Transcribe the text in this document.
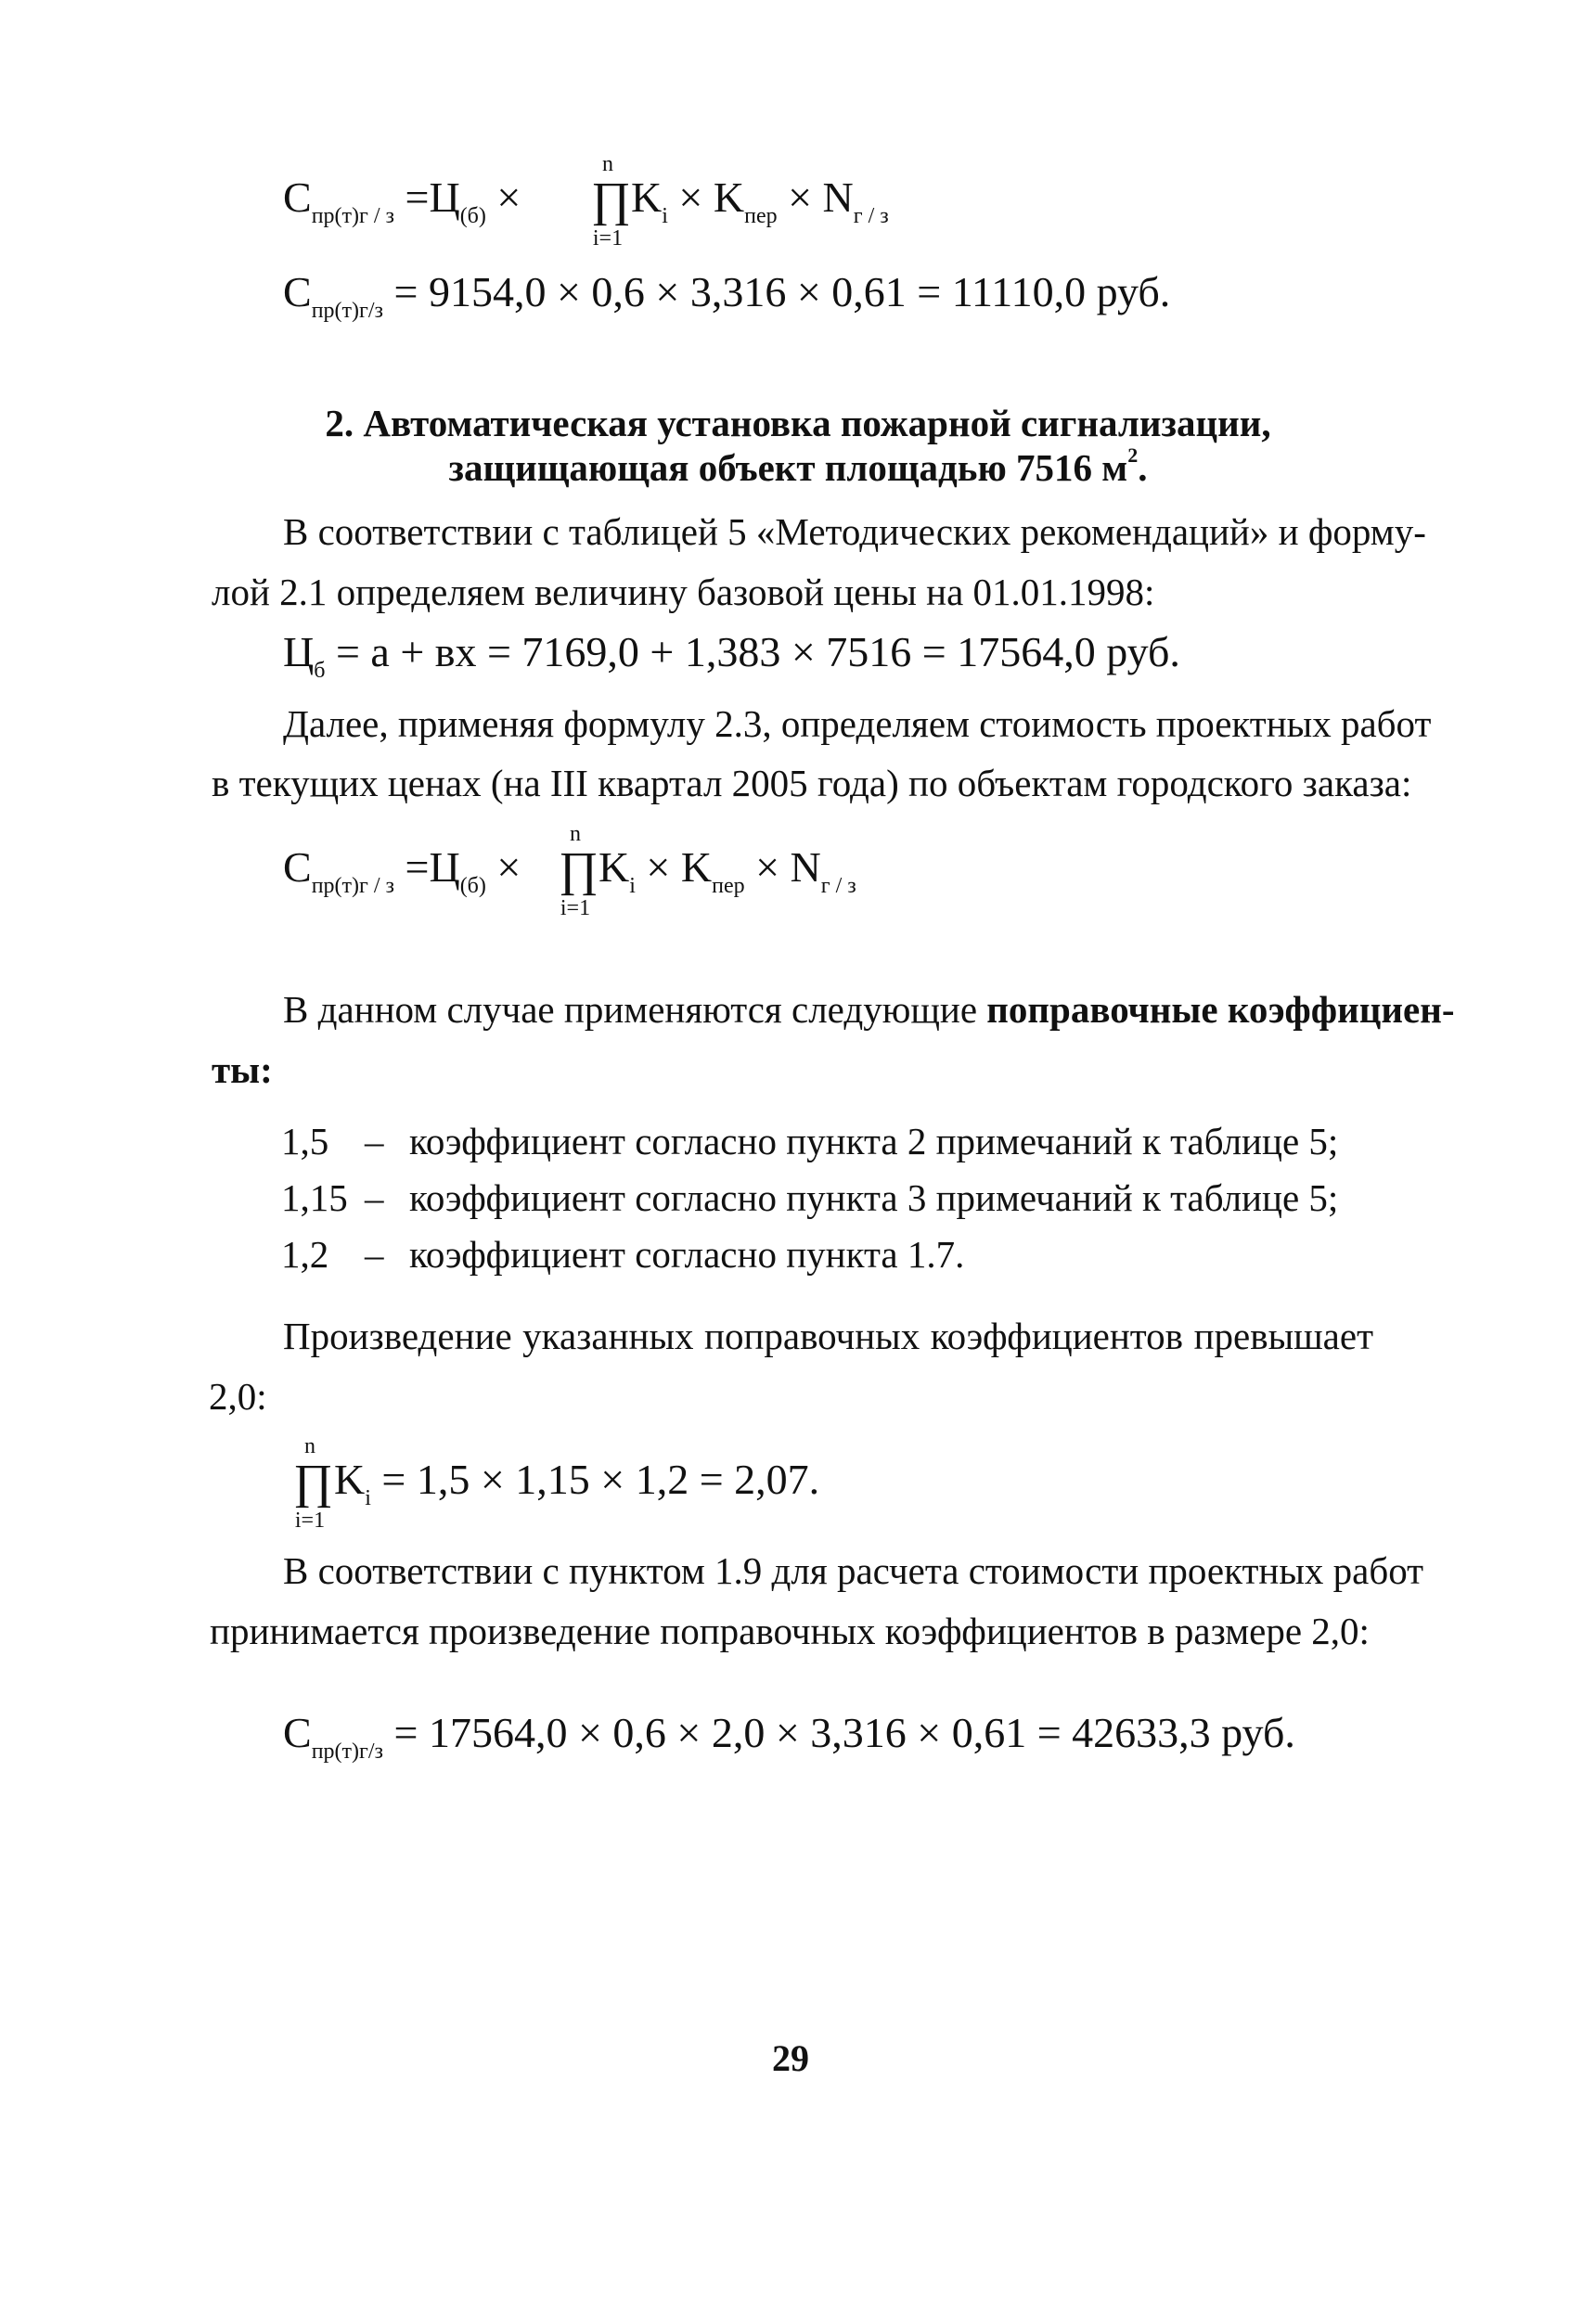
$C_{пр(т)г / з} =Ц_{(б)}$ ×
n
∏
i=1
$K_i \times K_{пер} \times N_{г / з}$
$C_{пр(т)г/з} = 9154,0 \times 0,6 \times 3,316 \times 0,61 = 11110,0$ руб.
2. Автоматическая установка пожарной сигнализации,
защищающая объект площадью 7516 $м^2$.
В соответствии с таблицей 5 «Методических рекомендаций» и форму-
лой 2.1 определяем величину базовой цены на 01.01.1998:
$Ц_б = а$ + вх = 7169,0 + 1,383 × 7516 = 17564,0 руб.
Далее, применяя формулу 2.3, определяем стоимость проектных работ
в текущих ценах (на III квартал 2005 года) по объектам городского заказа:
$C_{пр(т)г / з} =Ц_{(б)}$ ×
n
∏
i=1
$K_i \times K_{пер} \times N_{г / з}$
В данном случае применяются следующие поправочные коэффициен-
ты:
1,5 – коэффициент согласно пункта 2 примечаний к таблице 5;
1,15 – коэффициент согласно пункта 3 примечаний к таблице 5;
1,2 – коэффициент согласно пункта 1.7.
Произведение указанных поправочных коэффициентов превышает
2,0:
n
∏
i=1
$K_i = 1,5 \times 1,15 \times 1,2 = 2,07$.
В соответствии с пунктом 1.9 для расчета стоимости проектных работ
принимается произведение поправочных коэффициентов в размере 2,0:
$C_{пр(т)г/з} = 17564,0 \times 0,6 \times 2,0 \times 3,316 \times 0,61 = 42633,3$ руб.
29
